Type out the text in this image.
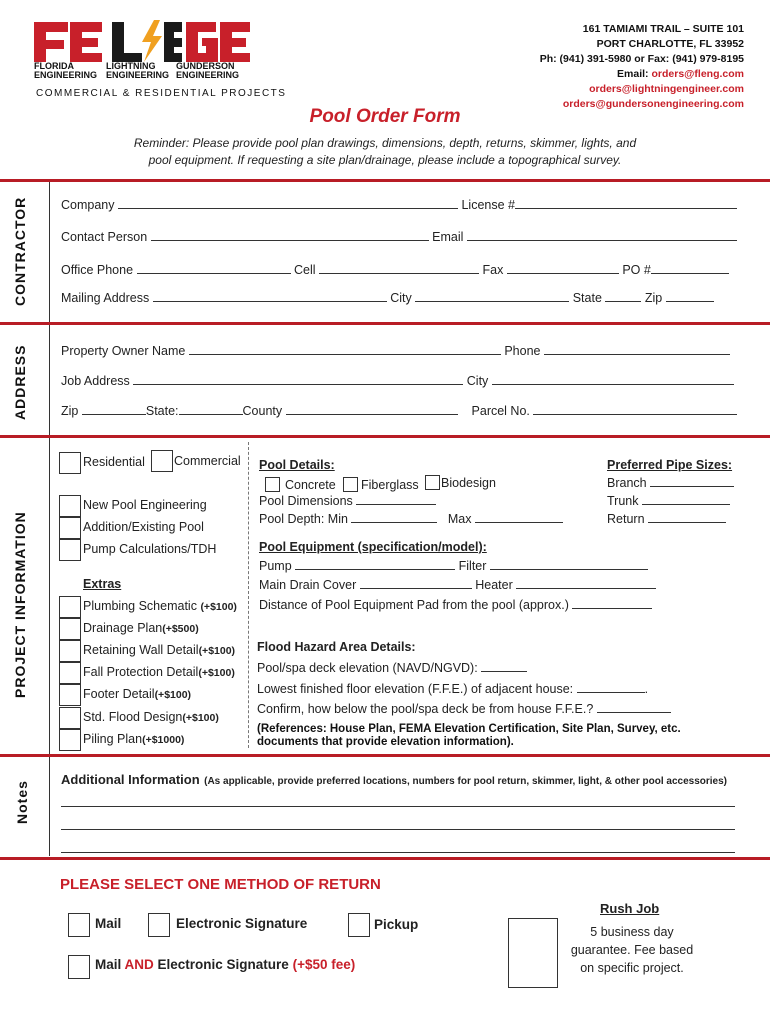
FLORIDA ENGINEERING
LIGHTNING ENGINEERING
GUNDERSON ENGINEERING
COMMERCIAL & RESIDENTIAL PROJECTS
161 TAMIAMI TRAIL – SUITE 101
PORT CHARLOTTE, FL 33952
Ph: (941) 391-5980 or Fax: (941) 979-8195
Email: orders@fleng.com
orders@lightningengineer.com
orders@gundersonengineering.com
Pool Order Form
Reminder: Please provide pool plan drawings, dimensions, depth, returns, skimmer, lights, and
pool equipment. If requesting a site plan/drainage, please include a topographical survey.
CONTRACTOR	Company	License #
Contact Person	Email
Office Phone	Cell	Fax	PO #
Mailing Address	City	State	Zip
ADDRESS	Property Owner Name	Phone
Job Address	City
Zip	State:	County	Parcel No.
PROJECT INFORMATION
Residential Commercial
New Pool Engineering
Addition/Existing Pool
Pump Calculations/TDH
Extras
Plumbing Schematic (+$100)
Drainage Plan(+$500)
Retaining Wall Detail(+$100)
Fall Protection Detail(+$100)
Footer Detail(+$100)
Std. Flood Design(+$100)
Piling Plan(+$1000)
Pool Details:
Concrete Fiberglass Biodesign
Pool Dimensions
Pool Depth: Min	Max
Preferred Pipe Sizes:
Branch
Trunk
Return
Pool Equipment (specification/model):
Pump	Filter
Main Drain Cover	Heater
Distance of Pool Equipment Pad from the pool (approx.)
Flood Hazard Area Details:
Pool/spa deck elevation (NAVD/NGVD):
Lowest finished floor elevation (F.F.E.) of adjacent house:	.
Confirm, how below the pool/spa deck be from house F.F.E.?
(References: House Plan, FEMA Elevation Certification, Site Plan, Survey, etc.
documents that provide elevation information).
Notes
Additional Information (As applicable, provide preferred locations, numbers for pool return, skimmer, light, & other pool accessories)
PLEASE SELECT ONE METHOD OF RETURN
Mail	Electronic Signature	Pickup
Mail AND Electronic Signature (+$50 fee)
Rush Job
5 business day
guarantee. Fee based
on specific project.
